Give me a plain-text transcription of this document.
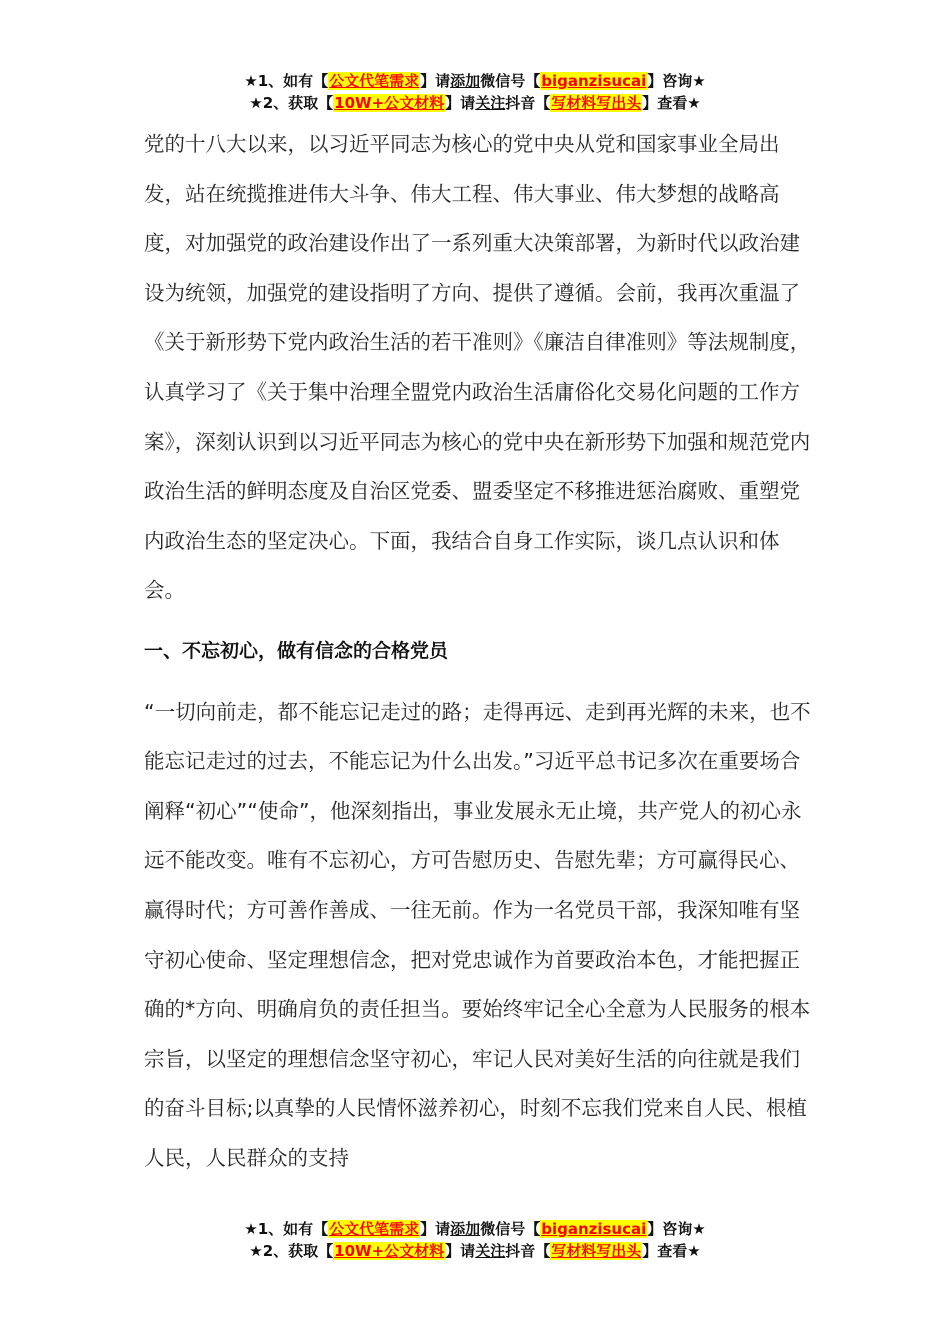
★1、如有【公文代笔需求】请添加微信号【biganzisucai】咨询★
★2、获取【10W+公文材料】请关注抖音【写材料写出头】查看★

党的十八大以来，以习近平同志为核心的党中央从党和国家事业全局出发，站在统揽推进伟大斗争、伟大工程、伟大事业、伟大梦想的战略高度，对加强党的政治建设作出了一系列重大决策部署，为新时代以政治建设为统领，加强党的建设指明了方向、提供了遵循。会前，我再次重温了《关于新形势下党内政治生活的若干准则》《廉洁自律准则》等法规制度，认真学习了《关于集中治理全盟党内政治生活庸俗化交易化问题的工作方案》，深刻认识到以习近平同志为核心的党中央在新形势下加强和规范党内政治生活的鲜明态度及自治区党委、盟委坚定不移推进惩治腐败、重塑党内政治生态的坚定决心。下面，我结合自身工作实际，谈几点认识和体会。

一、不忘初心，做有信念的合格党员

“一切向前走，都不能忘记走过的路；走得再远、走到再光辉的未来，也不能忘记走过的过去，不能忘记为什么出发。”习近平总书记多次在重要场合阐释“初心”“使命”，他深刻指出，事业发展永无止境，共产党人的初心永远不能改变。唯有不忘初心，方可告慰历史、告慰先辈；方可赢得民心、赢得时代；方可善作善成、一往无前。作为一名党员干部，我深知唯有坚守初心使命、坚定理想信念，把对党忠诚作为首要政治本色，才能把握正确的*方向、明确肩负的责任担当。要始终牢记全心全意为人民服务的根本宗旨，以坚定的理想信念坚守初心，牢记人民对美好生活的向往就是我们的奋斗目标;以真挚的人民情怀滋养初心，时刻不忘我们党来自人民、根植人民，人民群众的支持

★1、如有【公文代笔需求】请添加微信号【biganzisucai】咨询★
★2、获取【10W+公文材料】请关注抖音【写材料写出头】查看★
